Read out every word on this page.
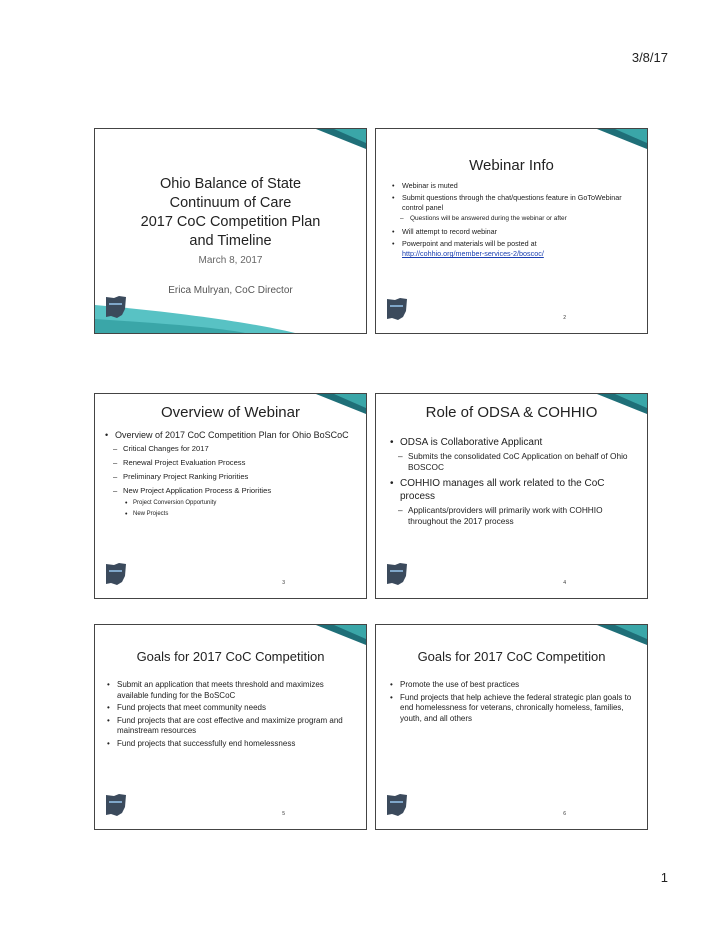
3/8/17
Ohio Balance of State
Continuum of Care
2017 CoC Competition Plan
and Timeline
March 8, 2017
Erica Mulryan, CoC Director
Webinar Info
• Webinar is muted
• Submit questions through the chat/questions feature in GoToWebinar control panel
– Questions will be answered during the webinar or after
• Will attempt to record webinar
• Powerpoint and materials will be posted at
http://cohhio.org/member-services-2/boscoc/
2
Overview of Webinar
• Overview of 2017 CoC Competition Plan for Ohio BoSCoC
– Critical Changes for 2017
– Renewal Project Evaluation Process
– Preliminary Project Ranking Priorities
– New Project Application Process & Priorities
• Project Conversion Opportunity
• New Projects
3
Role of ODSA & COHHIO
• ODSA is Collaborative Applicant
– Submits the consolidated CoC Application on behalf of Ohio BOSCOC
• COHHIO manages all work related to the CoC process
– Applicants/providers will primarily work with COHHIO throughout the 2017 process
4
Goals for 2017 CoC Competition
• Submit an application that meets threshold and maximizes available funding for the BoSCoC
• Fund projects that meet community needs
• Fund projects that are cost effective and maximize program and mainstream resources
• Fund projects that successfully end homelessness
5
Goals for 2017 CoC Competition
• Promote the use of best practices
• Fund projects that help achieve the federal strategic plan goals to end homelessness for veterans, chronically homeless, families, youth, and all others
6
1
